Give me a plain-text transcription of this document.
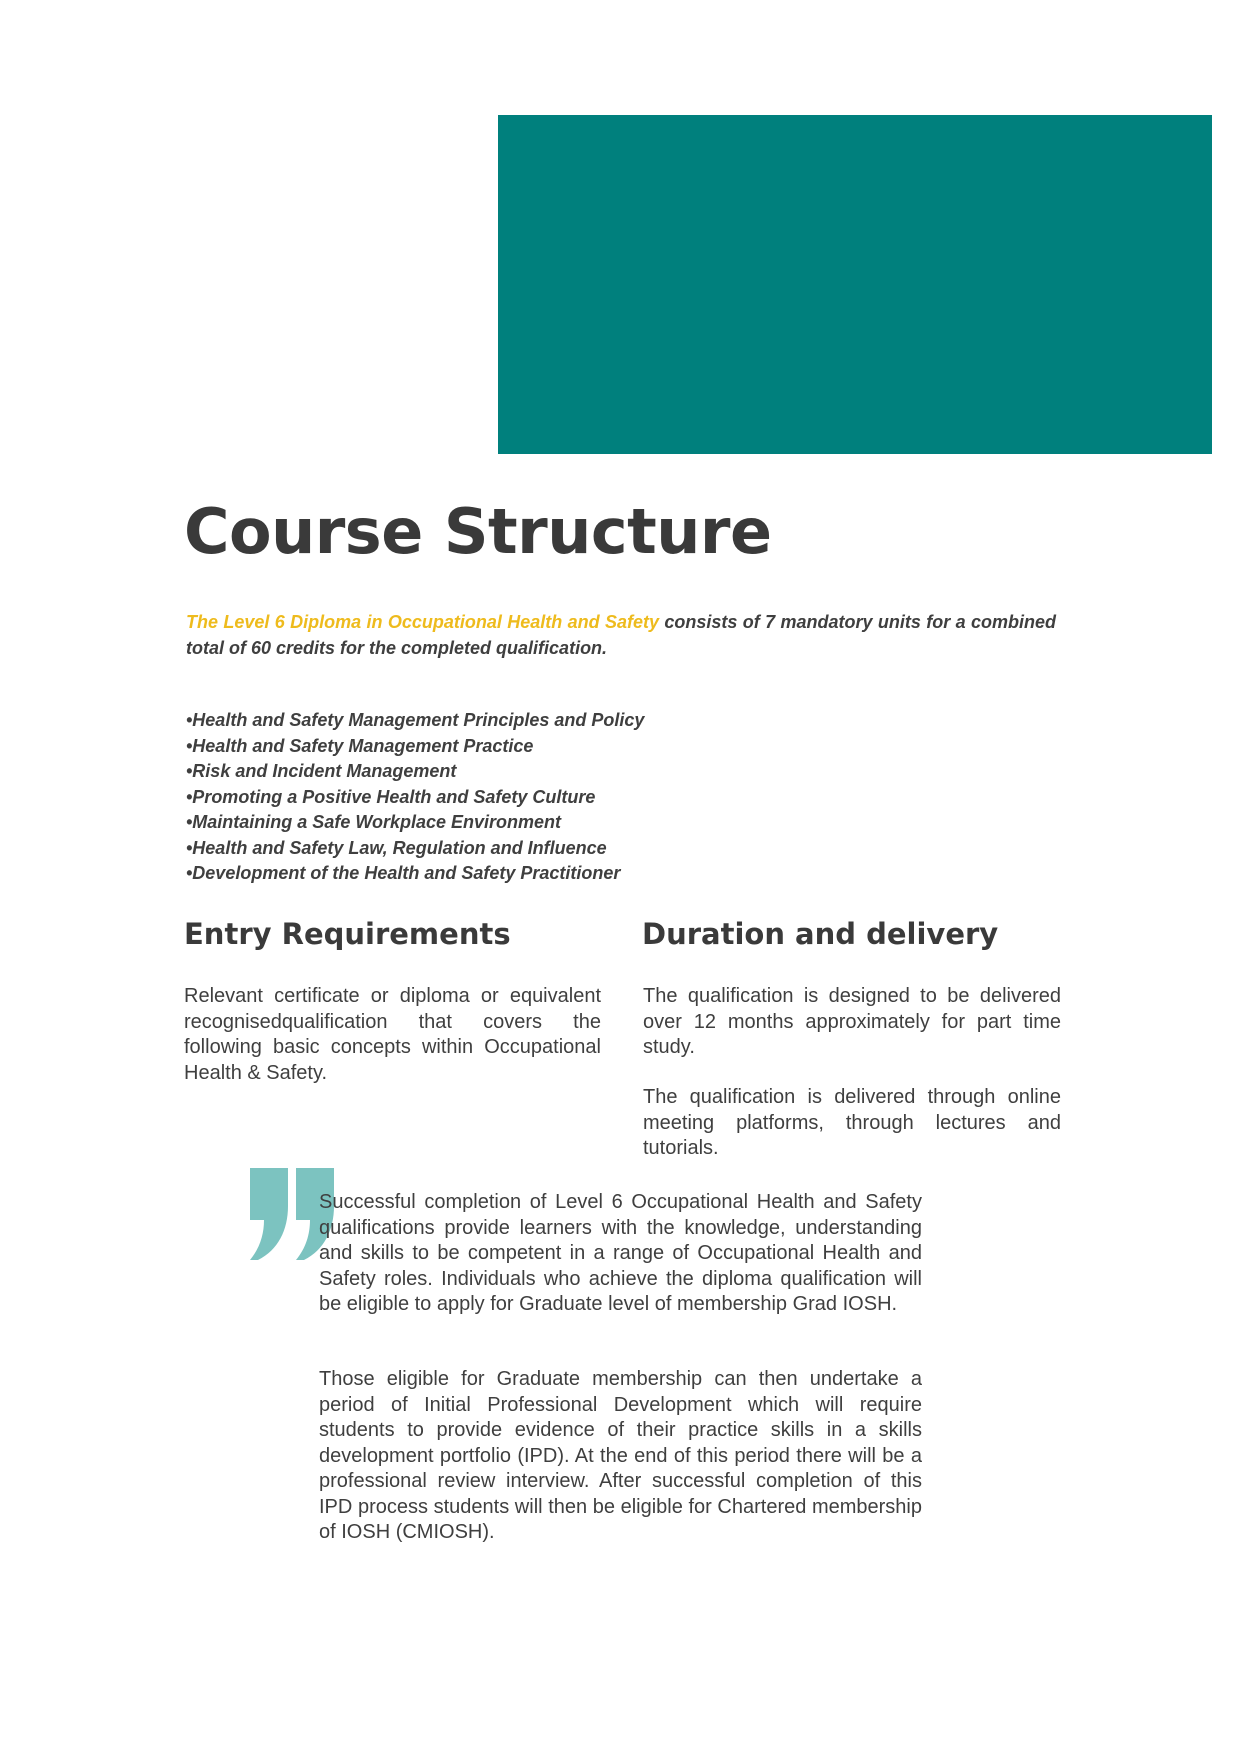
Course Structure

The Level 6 Diploma in Occupational Health and Safety consists of 7 mandatory units for a combined total of 60 credits for the completed qualification.

•Health and Safety Management Principles and Policy
•Health and Safety Management Practice
•Risk and Incident Management
•Promoting a Positive Health and Safety Culture
•Maintaining a Safe Workplace Environment
•Health and Safety Law, Regulation and Influence
•Development of the Health and Safety Practitioner
Entry Requirements

Relevant certificate or diploma or equivalent recognisedqualification that covers the following basic concepts within Occupational Health & Safety.

Duration and delivery

The qualification is designed to be delivered over 12 months approximately for part time study.

The qualification is delivered through online meeting platforms, through lectures and tutorials.

Successful completion of Level 6 Occupational Health and Safety qualifications provide learners with the knowledge, understanding and skills to be competent in a range of Occupational Health and Safety roles. Individuals who achieve the diploma qualification will be eligible to apply for Graduate level of membership Grad IOSH.

Those eligible for Graduate membership can then undertake a period of Initial Professional Development which will require students to provide evidence of their practice skills in a skills development portfolio (IPD). At the end of this period there will be a professional review interview. After successful completion of this IPD process students will then be eligible for Chartered membership of IOSH (CMIOSH).
